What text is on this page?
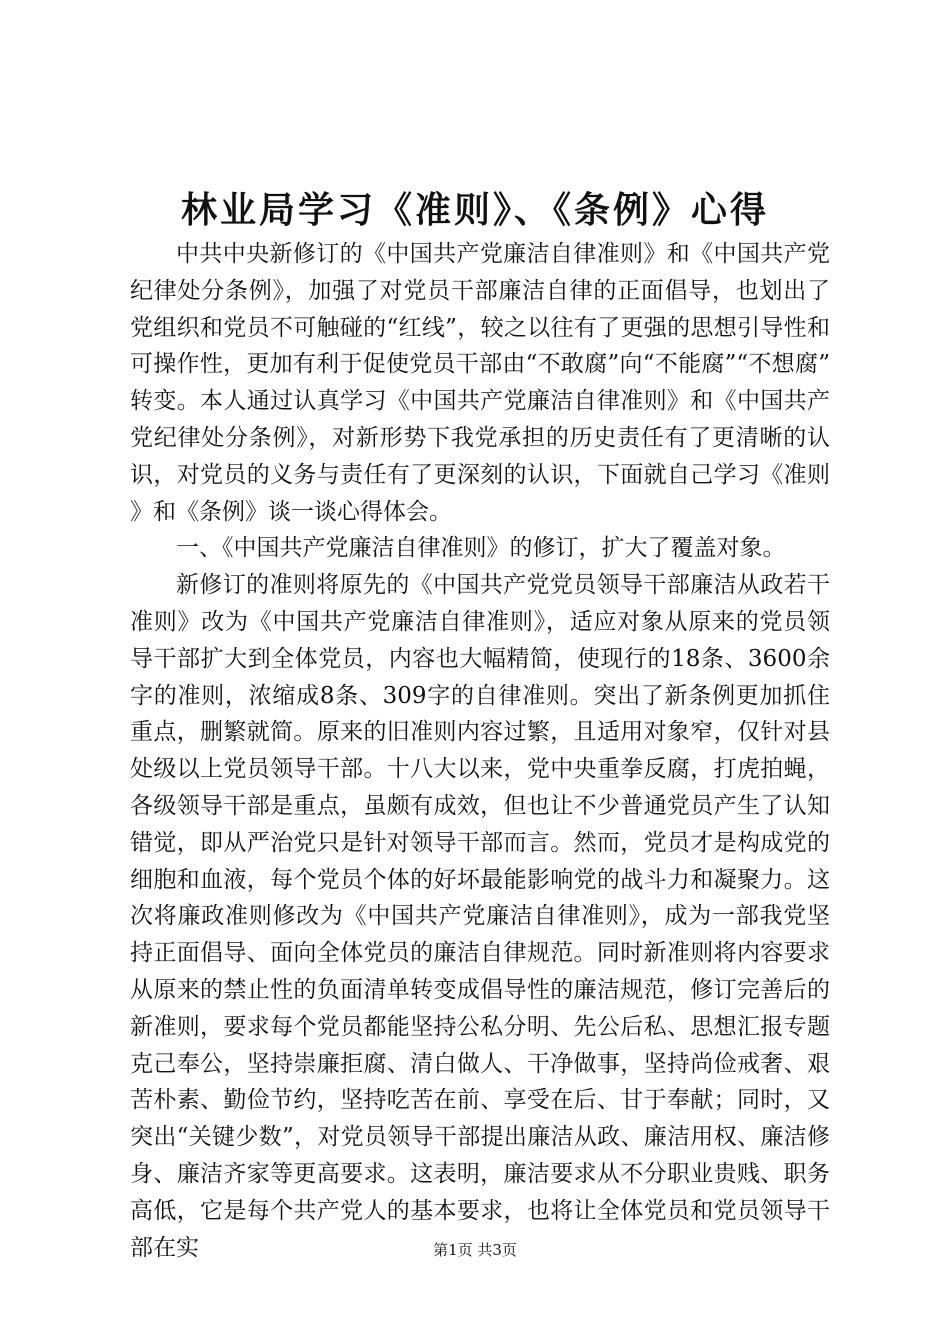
林业局学习《准则》、《条例》心得

中共中央新修订的《中国共产党廉洁自律准则》和《中国共产党纪律处分条例》，加强了对党员干部廉洁自律的正面倡导，也划出了党组织和党员不可触碰的“红线”，较之以往有了更强的思想引导性和可操作性，更加有利于促使党员干部由“不敢腐”向“不能腐”“不想腐”转变。本人通过认真学习《中国共产党廉洁自律准则》和《中国共产党纪律处分条例》，对新形势下我党承担的历史责任有了更清晰的认识，对党员的义务与责任有了更深刻的认识，下面就自己学习《准则》和《条例》谈一谈心得体会。

一、《中国共产党廉洁自律准则》的修订，扩大了覆盖对象。

新修订的准则将原先的《中国共产党党员领导干部廉洁从政若干准则》改为《中国共产党廉洁自律准则》，适应对象从原来的党员领导干部扩大到全体党员，内容也大幅精简，使现行的18条、3600余字的准则，浓缩成8条、309字的自律准则。突出了新条例更加抓住重点，删繁就简。原来的旧准则内容过繁，且适用对象窄，仅针对县处级以上党员领导干部。十八大以来，党中央重拳反腐，打虎拍蝇，各级领导干部是重点，虽颇有成效，但也让不少普通党员产生了认知错觉，即从严治党只是针对领导干部而言。然而，党员才是构成党的细胞和血液，每个党员个体的好坏最能影响党的战斗力和凝聚力。这次将廉政准则修改为《中国共产党廉洁自律准则》，成为一部我党坚持正面倡导、面向全体党员的廉洁自律规范。同时新准则将内容要求从原来的禁止性的负面清单转变成倡导性的廉洁规范，修订完善后的新准则，要求每个党员都能坚持公私分明、先公后私、思想汇报专题克己奉公，坚持崇廉拒腐、清白做人、干净做事，坚持尚俭戒奢、艰苦朴素、勤俭节约，坚持吃苦在前、享受在后、甘于奉献；同时，又突出“关键少数”，对党员领导干部提出廉洁从政、廉洁用权、廉洁修身、廉洁齐家等更高要求。这表明，廉洁要求从不分职业贵贱、职务高低，它是每个共产党人的基本要求，也将让全体党员和党员领导干部在实	第1页 共3页
